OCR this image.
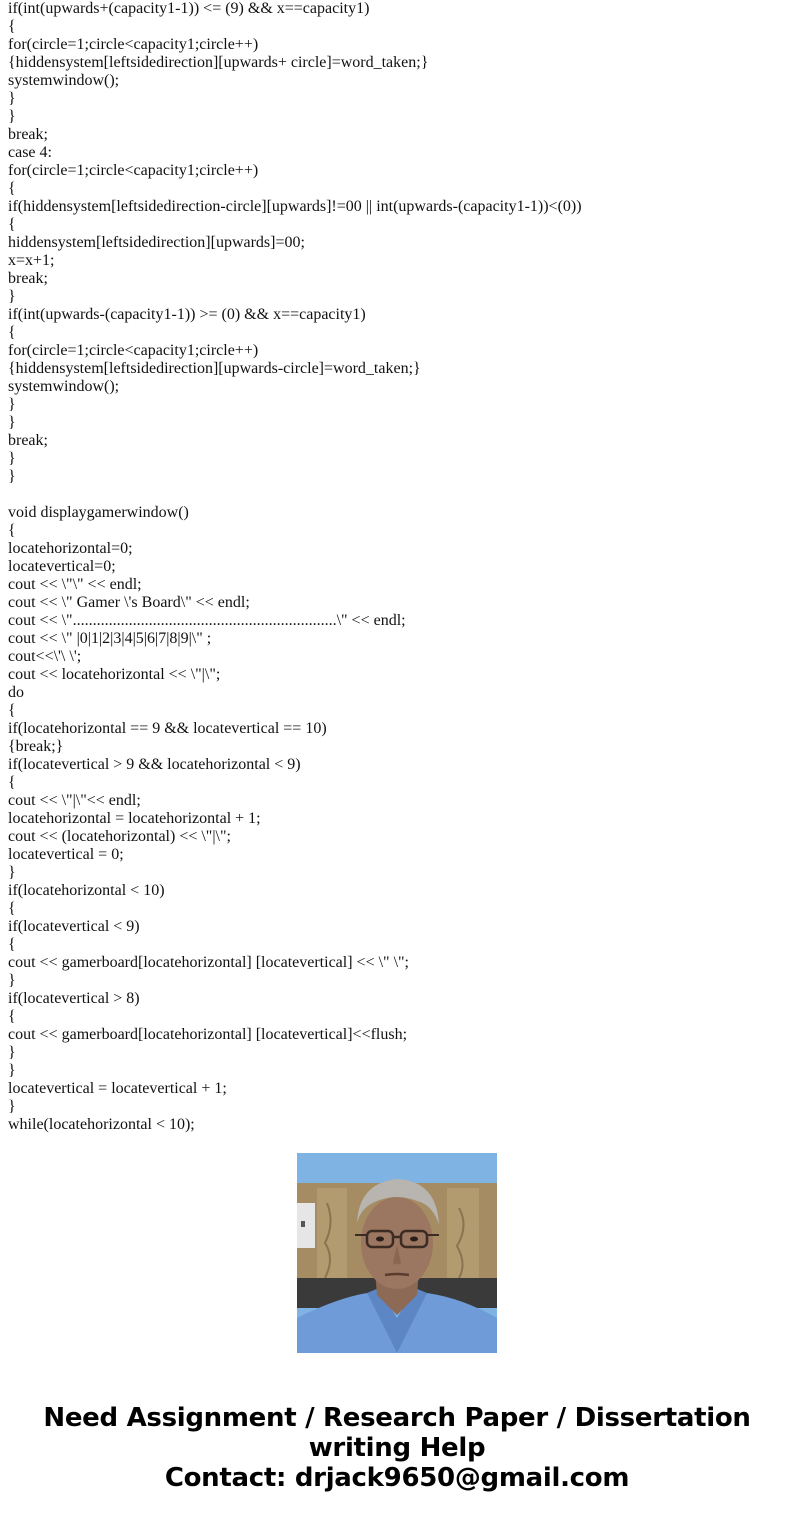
if(int(upwards+(capacity1-1)) <= (9) && x==capacity1)
{
for(circle=1;circle<capacity1;circle++)
{hiddensystem[leftsidedirection][upwards+ circle]=word_taken;}
systemwindow();
}
}
break;
case 4:
for(circle=1;circle<capacity1;circle++)
{
if(hiddensystem[leftsidedirection-circle][upwards]!=00 || int(upwards-(capacity1-1))<(0))
{
hiddensystem[leftsidedirection][upwards]=00;
x=x+1;
break;
}
if(int(upwards-(capacity1-1)) >= (0) && x==capacity1)
{
for(circle=1;circle<capacity1;circle++)
{hiddensystem[leftsidedirection][upwards-circle]=word_taken;}
systemwindow();
}
}
break;
}
}
void displaygamerwindow()
{
locatehorizontal=0;
locatevertical=0;
cout << \"\" << endl;
cout << \" Gamer \'s Board\" << endl;
cout << \"..................................................................\" << endl;
cout << \" |0|1|2|3|4|5|6|7|8|9|\" ;
cout<<\'\ \';
cout << locatehorizontal << \"|\";
do
{
if(locatehorizontal == 9 && locatevertical == 10)
{break;}
if(locatevertical > 9 && locatehorizontal < 9)
{
cout << \"|\"<< endl;
locatehorizontal = locatehorizontal + 1;
cout << (locatehorizontal) << \"|\";
locatevertical = 0;
}
if(locatehorizontal < 10)
{
if(locatevertical < 9)
{
cout << gamerboard[locatehorizontal] [locatevertical] << \" \";
}
if(locatevertical > 8)
{
cout << gamerboard[locatehorizontal] [locatevertical]<<flush;
}
}
locatevertical = locatevertical + 1;
}
while(locatehorizontal < 10);
Need Assignment / Research Paper / Dissertation
writing Help
Contact: drjack9650@gmail.com
